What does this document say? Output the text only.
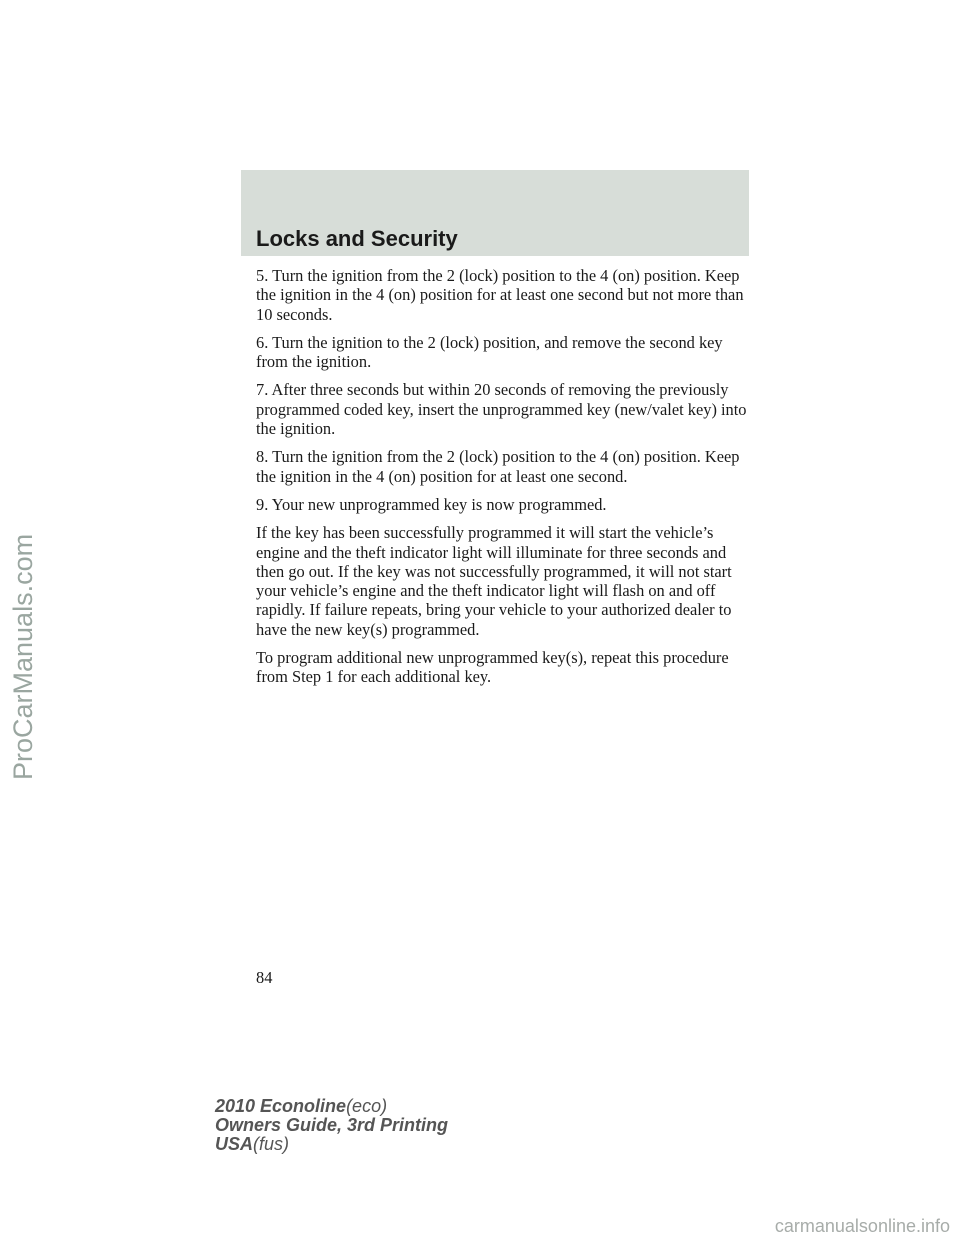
Locks and Security

5. Turn the ignition from the 2 (lock) position to the 4 (on) position. Keep the ignition in the 4 (on) position for at least one second but not more than 10 seconds.

6. Turn the ignition to the 2 (lock) position, and remove the second key from the ignition.

7. After three seconds but within 20 seconds of removing the previously programmed coded key, insert the unprogrammed key (new/valet key) into the ignition.

8. Turn the ignition from the 2 (lock) position to the 4 (on) position. Keep the ignition in the 4 (on) position for at least one second.

9. Your new unprogrammed key is now programmed.

If the key has been successfully programmed it will start the vehicle’s engine and the theft indicator light will illuminate for three seconds and then go out. If the key was not successfully programmed, it will not start your vehicle’s engine and the theft indicator light will flash on and off rapidly. If failure repeats, bring your vehicle to your authorized dealer to have the new key(s) programmed.

To program additional new unprogrammed key(s), repeat this procedure from Step 1 for each additional key.

84
2010 Econoline(eco)
Owners Guide, 3rd Printing
USA(fus)
ProCarManuals.com
carmanualsonline.info
